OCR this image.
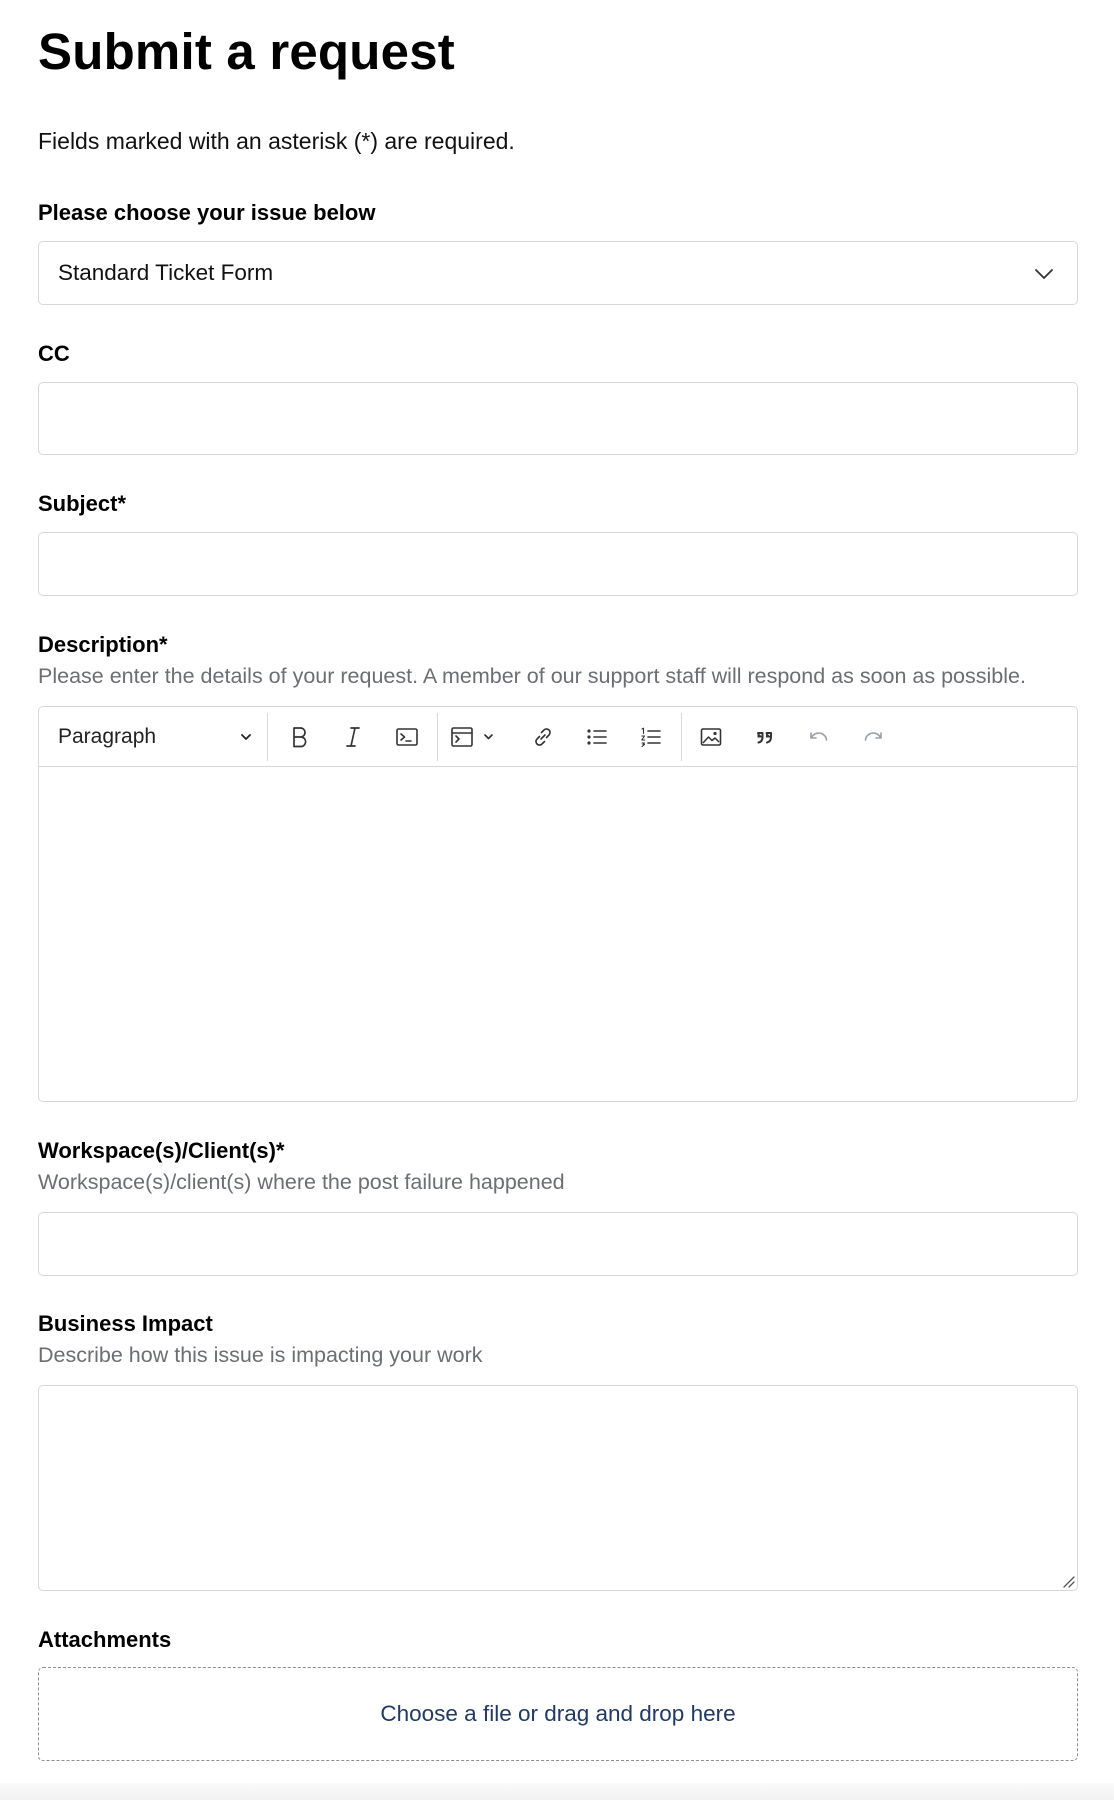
Submit a request

Fields marked with an asterisk (*) are required.

Please choose your issue below
Standard Ticket Form
CC
Subject*
Description*

Please enter the details of your request. A member of our support staff will respond as soon as possible.

Paragraph
Workspace(s)/Client(s)*

Workspace(s)/client(s) where the post failure happened

Business Impact

Describe how this issue is impacting your work

Attachments
Choose a file or drag and drop here
